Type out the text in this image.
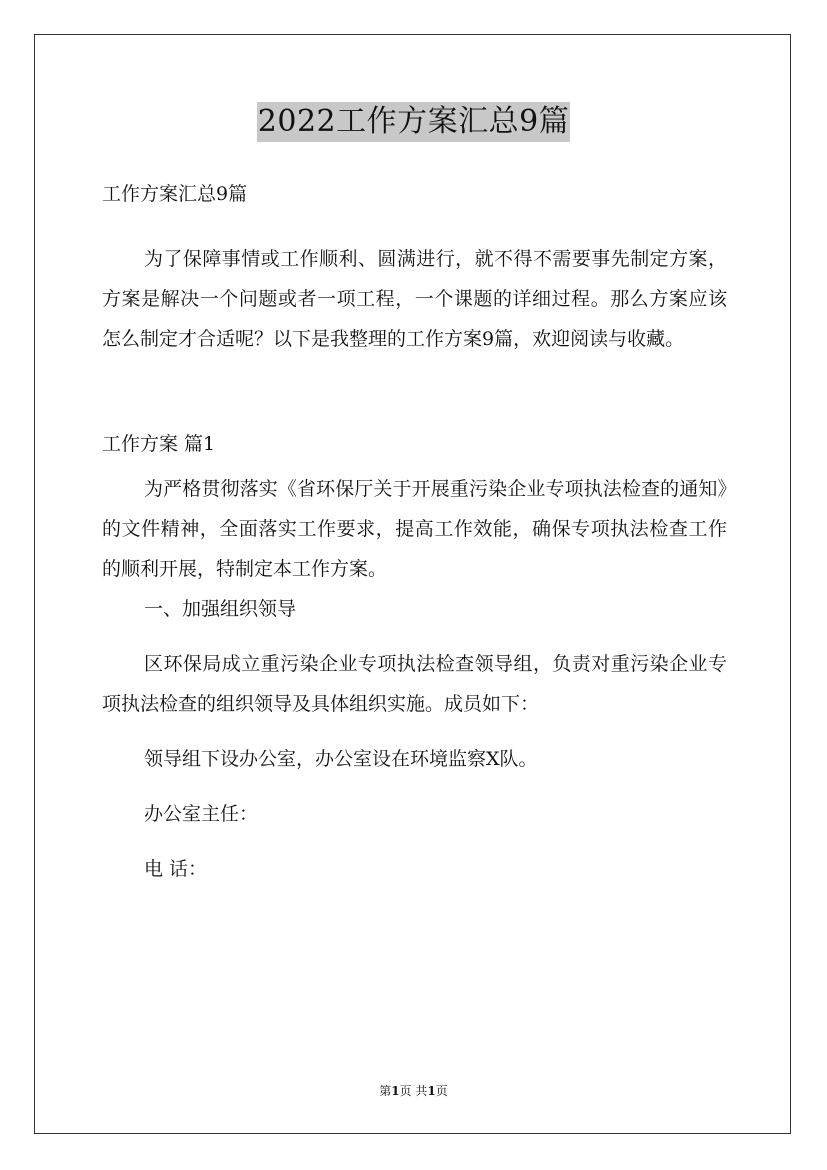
2022工作方案汇总9篇

工作方案汇总9篇

为了保障事情或工作顺利、圆满进行，就不得不需要事先制定方案，方案是解决一个问题或者一项工程，一个课题的详细过程。那么方案应该怎么制定才合适呢？以下是我整理的工作方案9篇，欢迎阅读与收藏。

工作方案 篇1

为严格贯彻落实《省环保厅关于开展重污染企业专项执法检查的通知》的文件精神，全面落实工作要求，提高工作效能，确保专项执法检查工作的顺利开展，特制定本工作方案。

一、加强组织领导

区环保局成立重污染企业专项执法检查领导组，负责对重污染企业专项执法检查的组织领导及具体组织实施。成员如下：

领导组下设办公室，办公室设在环境监察X队。

办公室主任：

电 话：

第1页 共1页
